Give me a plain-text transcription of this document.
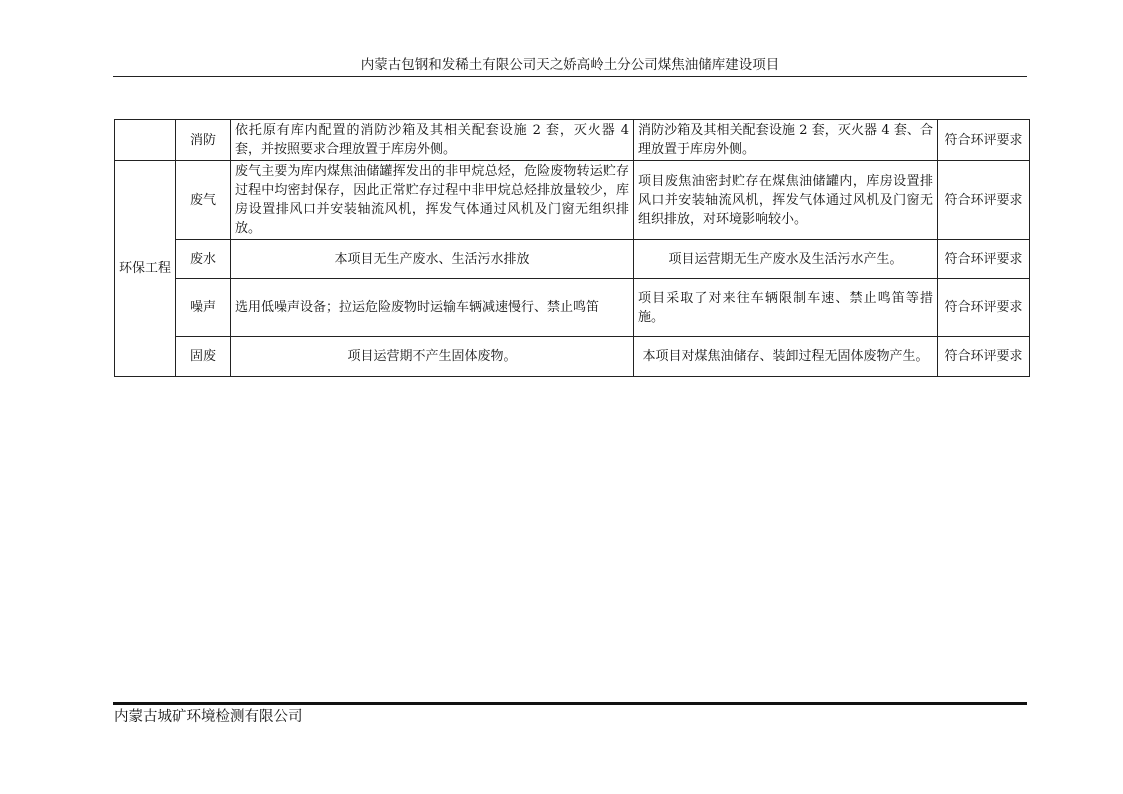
内蒙古包钢和发稀土有限公司天之娇高岭土分公司煤焦油储库建设项目
	消防	依托原有库内配置的消防沙箱及其相关配套设施 2 套，灭火器 4 套，并按照要求合理放置于库房外侧。	消防沙箱及其相关配套设施 2 套，灭火器 4 套、合理放置于库房外侧。	符合环评要求
环保工程	废气	废气主要为库内煤焦油储罐挥发出的非甲烷总烃，危险废物转运贮存过程中均密封保存，因此正常贮存过程中非甲烷总烃排放量较少，库房设置排风口并安装轴流风机，挥发气体通过风机及门窗无组织排放。	项目废焦油密封贮存在煤焦油储罐内，库房设置排风口并安装轴流风机，挥发气体通过风机及门窗无组织排放，对环境影响较小。	符合环评要求
	废水	本项目无生产废水、生活污水排放	项目运营期无生产废水及生活污水产生。	符合环评要求
	噪声	选用低噪声设备；拉运危险废物时运输车辆减速慢行、禁止鸣笛	项目采取了对来往车辆限制车速、禁止鸣笛等措施。	符合环评要求
	固废	项目运营期不产生固体废物。	本项目对煤焦油储存、装卸过程无固体废物产生。	符合环评要求
内蒙古城矿环境检测有限公司
